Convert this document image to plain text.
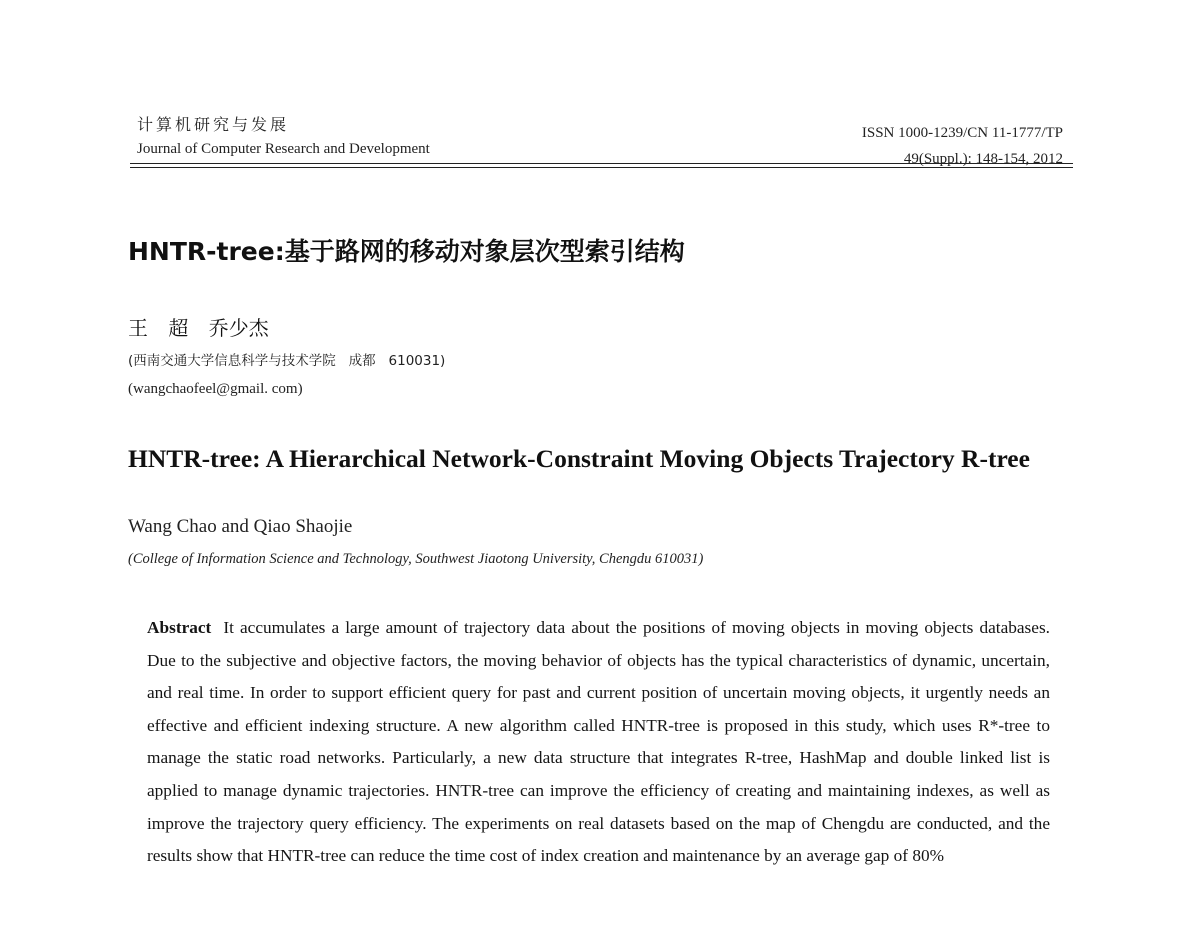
计算机研究与发展
Journal of Computer Research and Development
ISSN 1000-1239/CN 11-1777/TP
49(Suppl.): 148-154, 2012
HNTR-tree:基于路网的移动对象层次型索引结构
王 超 乔少杰
(西南交通大学信息科学与技术学院   成都   610031)
(wangchaofeel@gmail. com)
HNTR-tree: A Hierarchical Network-Constraint Moving Objects Trajectory R-tree
Wang Chao and Qiao Shaojie
(College of Information Science and Technology, Southwest Jiaotong University, Chengdu 610031)
Abstract It accumulates a large amount of trajectory data about the positions of moving objects in moving objects databases. Due to the subjective and objective factors, the moving behavior of objects has the typical characteristics of dynamic, uncertain, and real time. In order to support efficient query for past and current position of uncertain moving objects, it urgently needs an effective and efficient indexing structure. A new algorithm called HNTR-tree is proposed in this study, which uses R*-tree to manage the static road networks. Particularly, a new data structure that integrates R-tree, HashMap and double linked list is applied to manage dynamic trajectories. HNTR-tree can improve the efficiency of creating and maintaining indexes, as well as improve the trajectory query efficiency. The experiments on real datasets based on the map of Chengdu are conducted, and the results show that HNTR-tree can reduce the time cost of index creation and maintenance by an average gap of 80%
